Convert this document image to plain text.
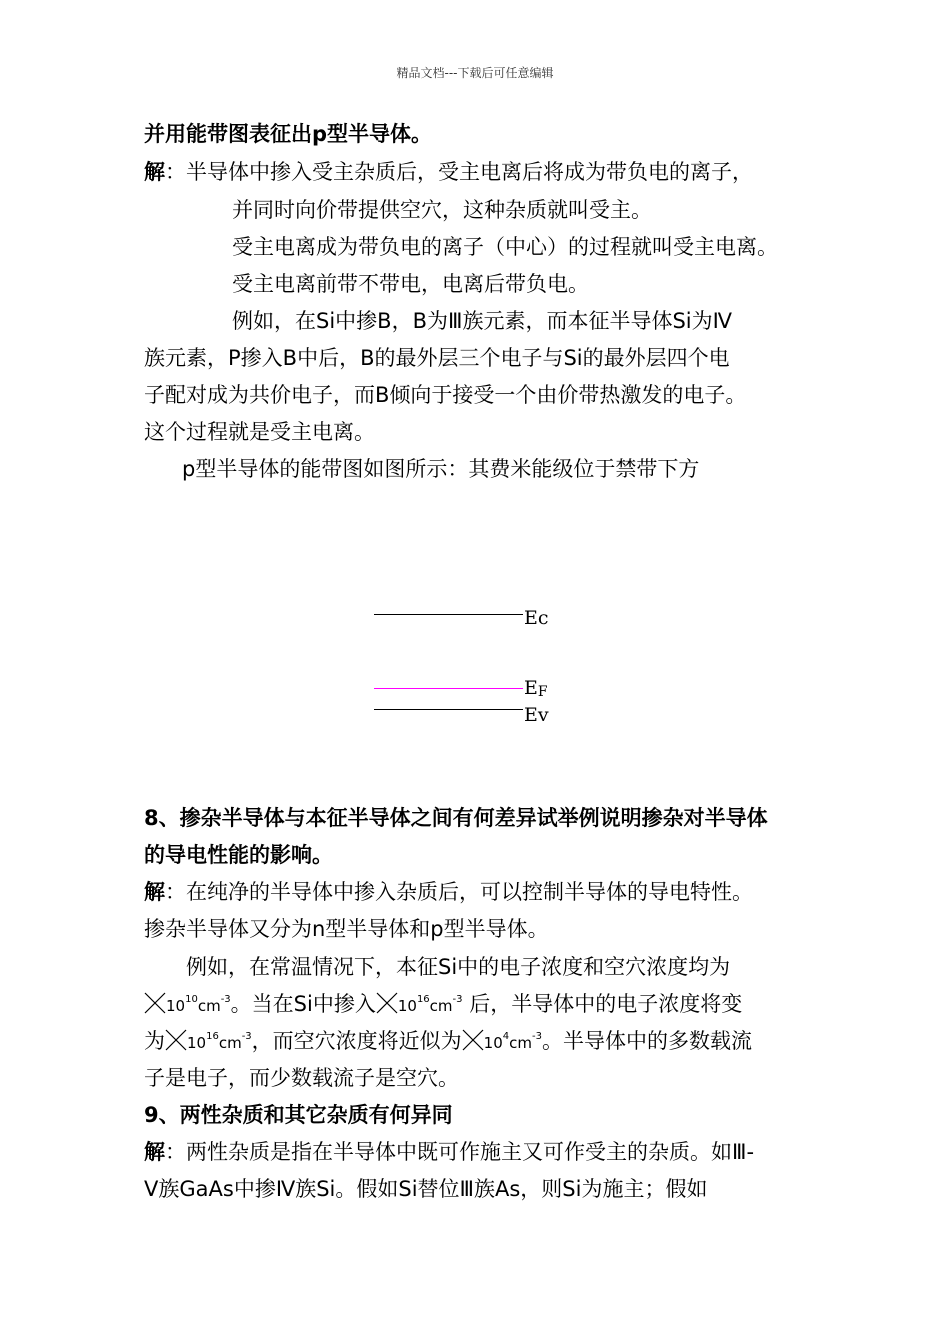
精品文档---下载后可任意编辑
并用能带图表征出p型半导体。
解：半导体中掺入受主杂质后，受主电离后将成为带负电的离子，
并同时向价带提供空穴，这种杂质就叫受主。
受主电离成为带负电的离子（中心）的过程就叫受主电离。
受主电离前带不带电，电离后带负电。
例如，在Si中掺B，B为Ⅲ族元素，而本征半导体Si为Ⅳ
族元素，P掺入B中后，B的最外层三个电子与Si的最外层四个电
子配对成为共价电子，而B倾向于接受一个由价带热激发的电子。
这个过程就是受主电离。
p型半导体的能带图如图所示：其费米能级位于禁带下方
Ec
$E_F$
Ev
8、掺杂半导体与本征半导体之间有何差异试举例说明掺杂对半导体
的导电性能的影响。
解：在纯净的半导体中掺入杂质后，可以控制半导体的导电特性。
掺杂半导体又分为n型半导体和p型半导体。
例如，在常温情况下，本征Si中的电子浓度和空穴浓度均为
$10^{10}cm^{-3}$。当在Si中掺入 $10^{16}cm^{-3}$ 后，半导体中的电子浓度将变
为 $10^{16}cm^{-3}$，而空穴浓度将近似为 $10^4cm^{-3}$。半导体中的多数载流
子是电子，而少数载流子是空穴。
9、两性杂质和其它杂质有何异同
解：两性杂质是指在半导体中既可作施主又可作受主的杂质。如Ⅲ-
Ⅴ族GaAs中掺Ⅳ族Si。假如Si替位Ⅲ族As，则Si为施主；假如
